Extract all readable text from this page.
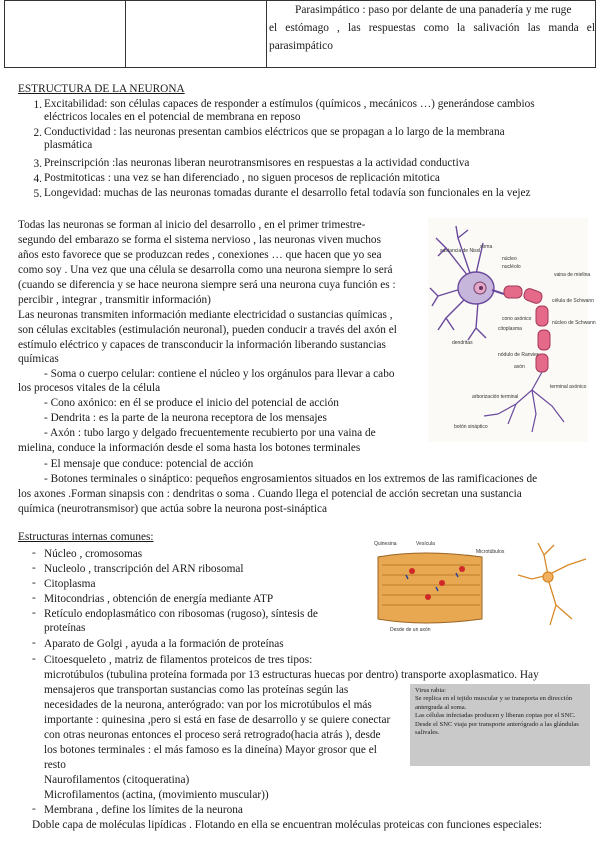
Parasimpático : paso por delante de una panadería y me ruge
el estómago , las respuestas como la salivación las manda el
parasimpático
ESTRUCTURA DE LA NEURONA
1. Excitabilidad: son células capaces de responder a estímulos (químicos , mecánicos …) generándose cambios
eléctricos locales en el potencial de membrana en reposo
2. Conductividad : las neuronas presentan cambios eléctricos que se propagan a lo largo de la membrana
plasmática
3. Preinscripción :las neuronas liberan neurotransmisores en respuestas a la actividad conductiva
4. Postmitoticas : una vez se han diferenciado , no siguen procesos de replicación mitotica
5. Longevidad: muchas de las neuronas tomadas durante el desarrollo fetal todavía son funcionales en la vejez
Todas las neuronas se forman al inicio del desarrollo , en el primer trimestre-
segundo del embarazo se forma el sistema nervioso , las neuronas viven muchos
años esto favorece que se produzcan redes , conexiones … que hacen que yo sea
como soy . Una vez que una célula se desarrolla como una neurona siempre lo será
(cuando se diferencia y se hace neurona siempre será una neurona cuya función es :
percibir , integrar , transmitir información)
Las neuronas transmiten información mediante electricidad o sustancias químicas ,
son células excitables (estimulación neuronal), pueden conducir a través del axón el
estímulo eléctrico y capaces de transconducir la información liberando sustancias
químicas
- Soma o cuerpo celular: contiene el núcleo y los orgánulos para llevar a cabo
los procesos vitales de la célula
- Cono axónico: en él se produce el inicio del potencial de acción
- Dendrita : es la parte de la neurona receptora de los mensajes
- Axón : tubo largo y delgado frecuentemente recubierto por una vaina de
mielina, conduce la información desde el soma hasta los botones terminales
- El mensaje que conduce: potencial de acción
- Botones terminales o sináptico: pequeños engrosamientos situados en los extremos de las ramificaciones de
los axones .Forman sinapsis con : dendritas o soma . Cuando llega el potencial de acción secretan una sustancia
química (neurotransmisor) que actúa sobre la neurona post-sináptica
sustancia de Nissl
soma
núcleo
nucléolo
cono axónico
vaina de mielina
citoplasma
célula de Schwann
núcleo de Schwann
dendritas
nódulo de Ranvier
axón
terminal axónico
arborización terminal
botón sináptico
Estructuras internas comunes:
- Núcleo , cromosomas
- Nucleolo , transcripción del ARN ribosomal
- Citoplasma
- Mitocondrias , obtención de energía mediante ATP
- Retículo endoplasmático con ribosomas (rugoso), síntesis de
proteínas
- Aparato de Golgi , ayuda a la formación de proteínas
- Citoesqueleto , matriz de filamentos proteicos de tres tipos:
Quinesina	Vesícula
Microtúbulos
Desde de un axón
microtúbulos (tubulina proteína formada por 13 estructuras huecas por dentro) transporte axoplasmatico. Hay
mensajeros que transportan sustancias como las proteínas según las
necesidades de la neurona, anterógrado: van por los microtúbulos el más
importante : quinesina ,pero si está en fase de desarrollo y se quiere conectar
con otras neuronas entonces el proceso será retrogrado(hacia atrás ), desde
los botones terminales : el más famoso es la dineína) Mayor grosor que el
resto
Naurofilamentos (citoqueratina)
Microfilamentos (actina, (movimiento muscular))
- Membrana , define los límites de la neurona
Doble capa de moléculas lipídicas . Flotando en ella se encuentran moléculas proteicas con funciones especiales:
Virus rabia:
Se replica en el tejido muscular y se transporta en dirección antergrada al soma.
Las células infectadas producen y liberan copias por el SNC.
Desde el SNC viaja por transporte anterógrado a las glándulas salivales.
